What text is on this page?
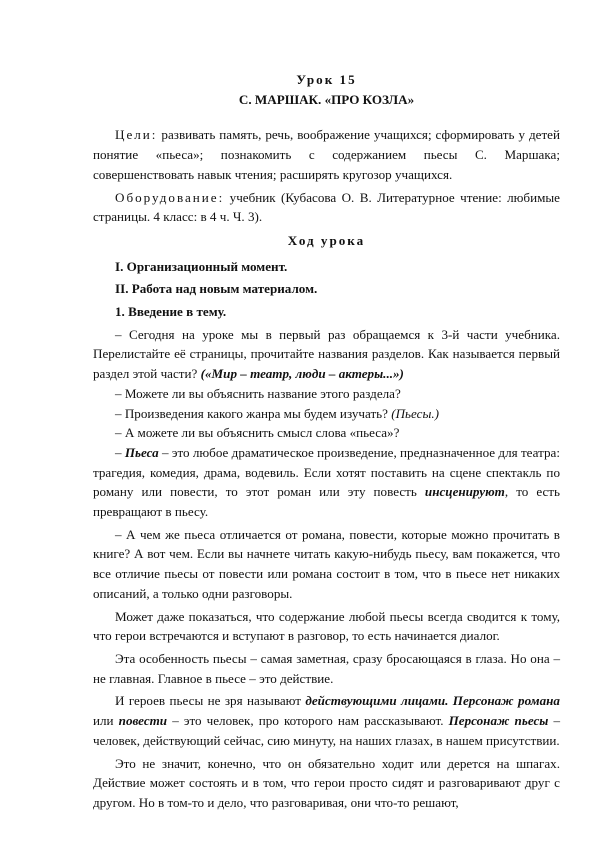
Урок 15
С. МАРШАК. «ПРО КОЗЛА»

Цели: развивать память, речь, воображение учащихся; сформировать у детей понятие «пьеса»; познакомить с содержанием пьесы С. Маршака; совершенствовать навык чтения; расширять кругозор учащихся.

Оборудование: учебник (Кубасова О. В. Литературное чтение: любимые страницы. 4 класс: в 4 ч. Ч. 3).

Ход урока

I. Организационный момент.

II. Работа над новым материалом.

1. Введение в тему.

– Сегодня на уроке мы в первый раз обращаемся к 3-й части учебника. Перелистайте её страницы, прочитайте названия разделов. Как называется первый раздел этой части? («Мир – театр, люди – актеры...»)

– Можете ли вы объяснить название этого раздела?

– Произведения какого жанра мы будем изучать? (Пьесы.)

– А можете ли вы объяснить смысл слова «пьеса»?

– Пьеса – это любое драматическое произведение, предназначенное для театра: трагедия, комедия, драма, водевиль. Если хотят поставить на сцене спектакль по роману или повести, то этот роман или эту повесть инсценируют, то есть превращают в пьесу.

– А чем же пьеса отличается от романа, повести, которые можно прочитать в книге? А вот чем. Если вы начнете читать какую-нибудь пьесу, вам покажется, что все отличие пьесы от повести или романа состоит в том, что в пьесе нет никаких описаний, а только одни разговоры.

Может даже показаться, что содержание любой пьесы всегда сводится к тому, что герои встречаются и вступают в разговор, то есть начинается диалог.

Эта особенность пьесы – самая заметная, сразу бросающаяся в глаза. Но она – не главная. Главное в пьесе – это действие.

И героев пьесы не зря называют действующими лицами. Персонаж романа или повести – это человек, про которого нам рассказывают. Персонаж пьесы – человек, действующий сейчас, сию минуту, на наших глазах, в нашем присутствии.

Это не значит, конечно, что он обязательно ходит или дерется на шпагах. Действие может состоять и в том, что герои просто сидят и разговаривают друг с другом. Но в том-то и дело, что разговаривая, они что-то решают,
